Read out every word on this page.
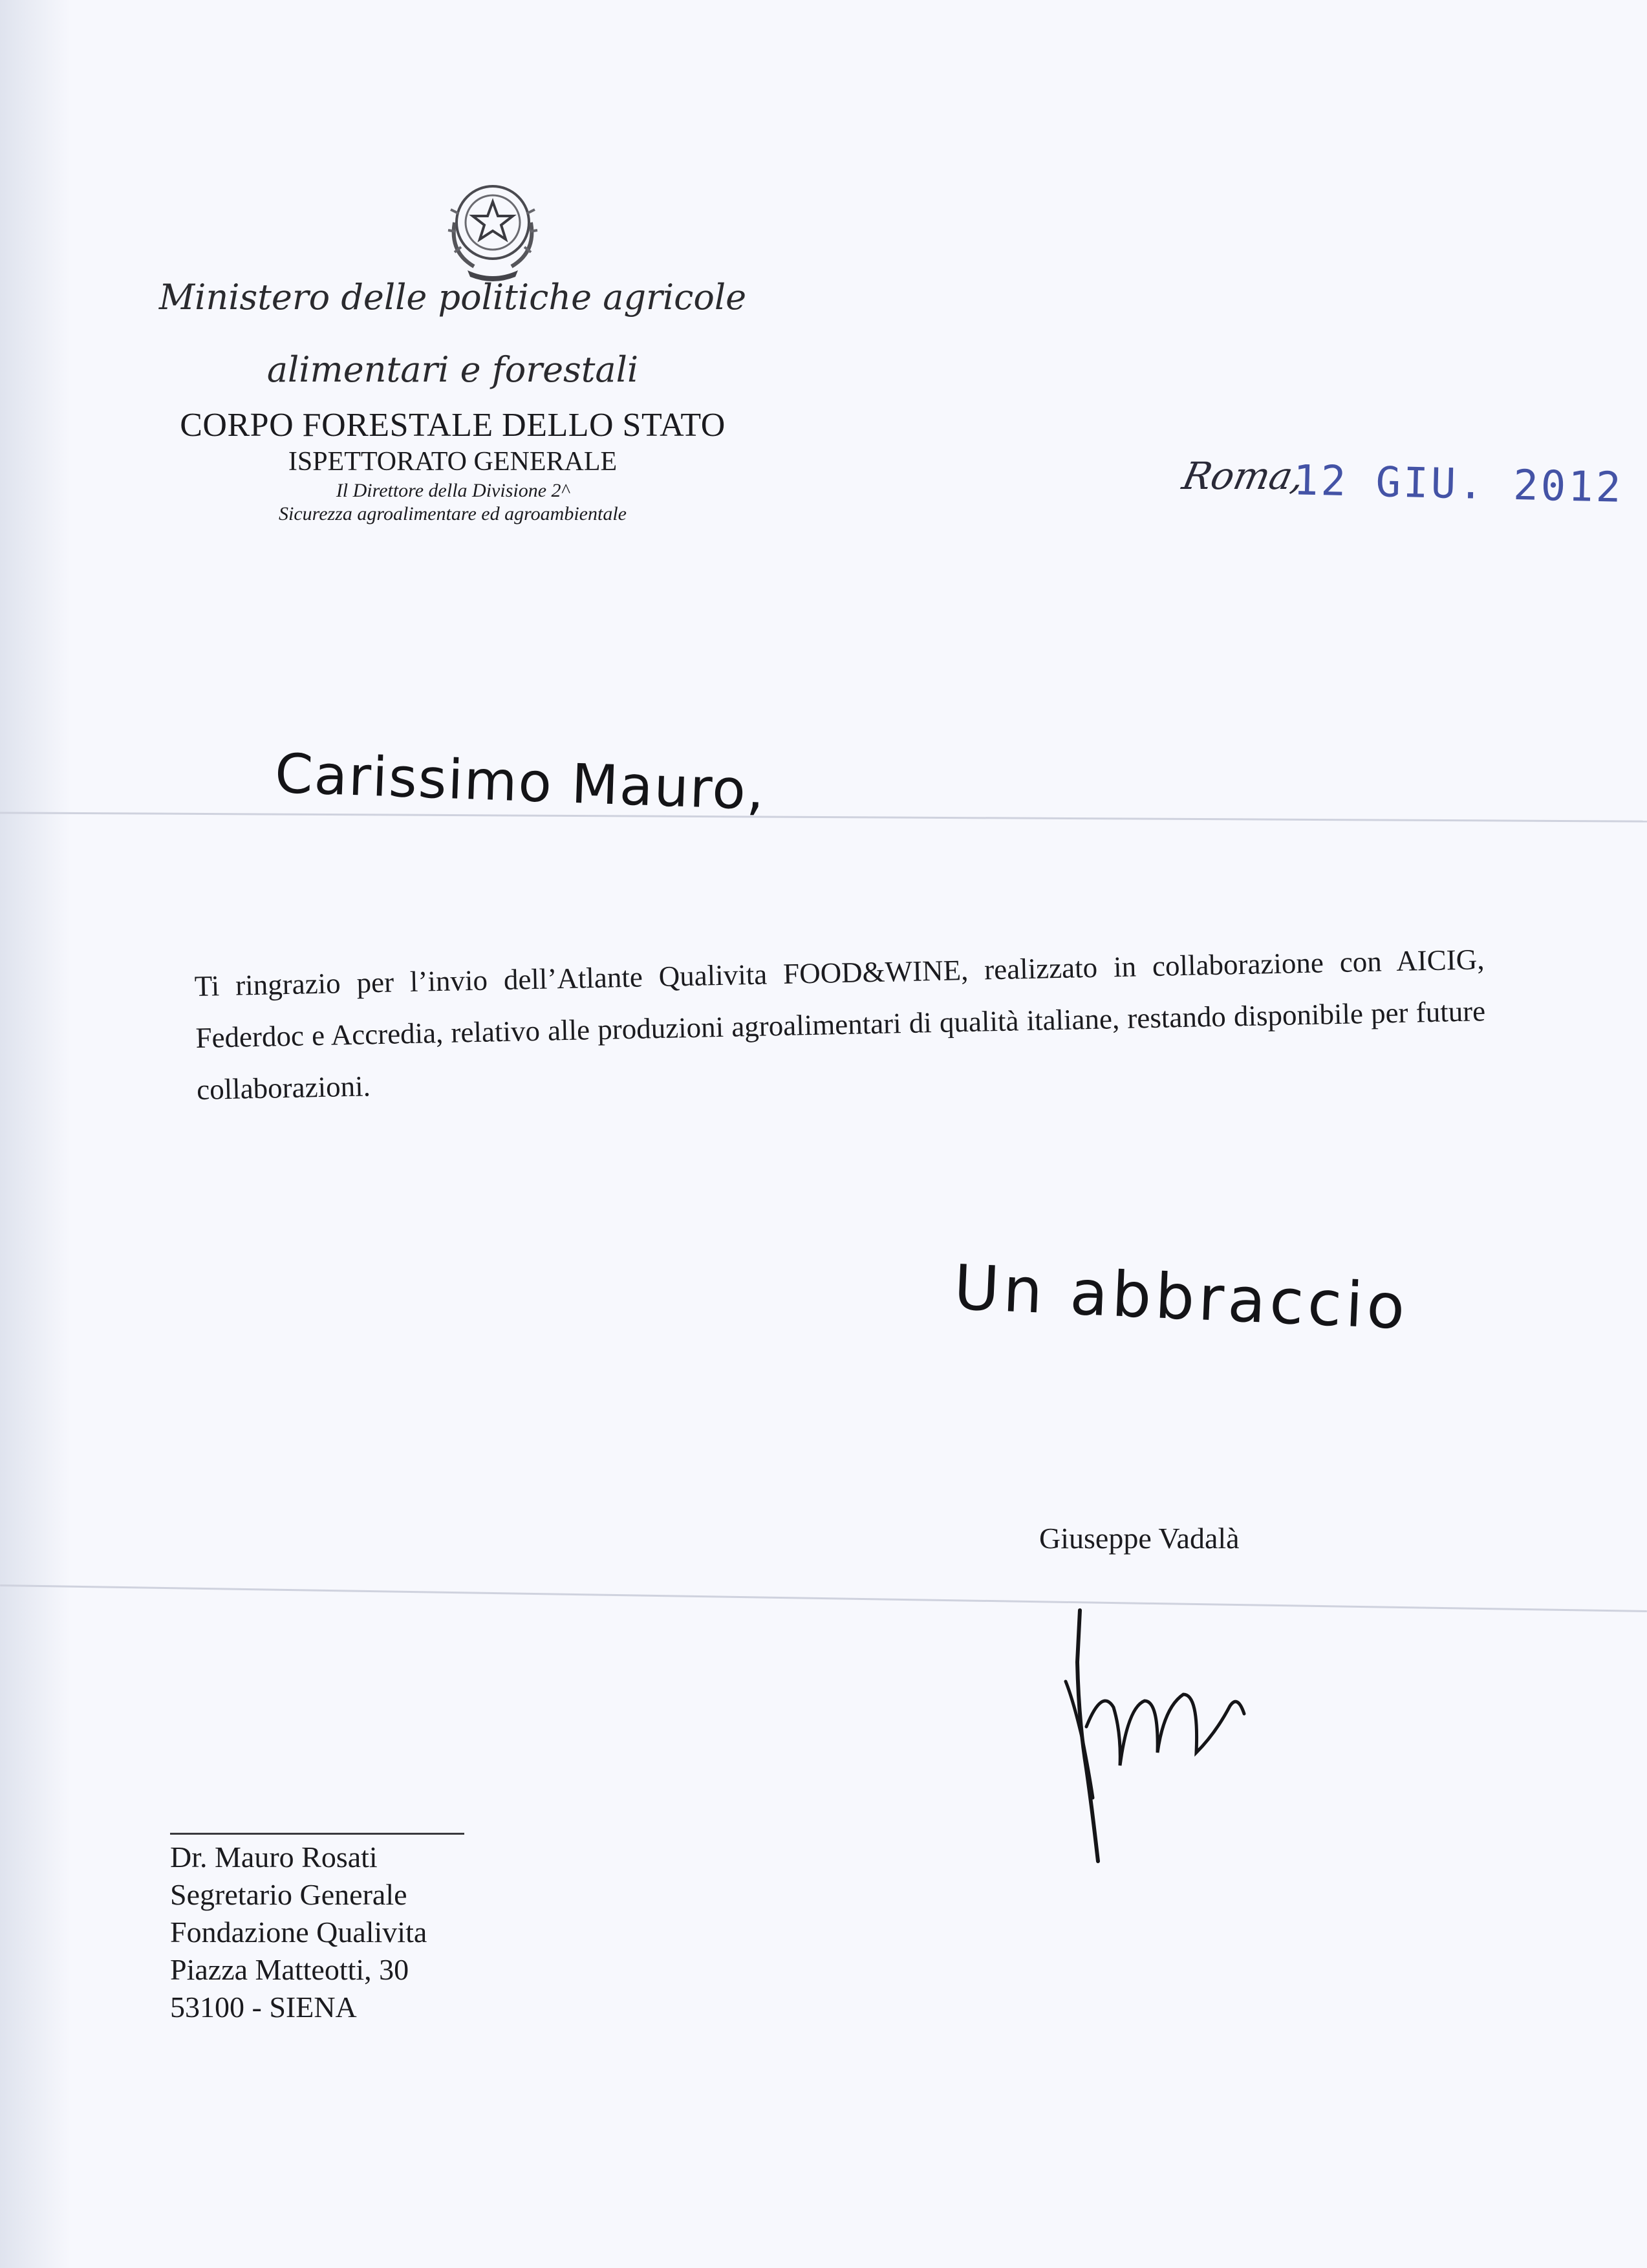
Ministero delle politiche agricole
alimentari e forestali
CORPO FORESTALE DELLO STATO
ISPETTORATO GENERALE
Il Direttore della Divisione 2^
Sicurezza agroalimentare ed agroambientale
Roma,
12 GIU. 2012
Carissimo Mauro,
Ti ringrazio per l’invio dell’Atlante Qualivita FOOD&WINE, realizzato in collaborazione con AICIG, Federdoc e Accredia, relativo alle produzioni agroalimentari di qualità italiane, restando disponibile per future collaborazioni.
Un abbraccio
Giuseppe Vadalà
Dr. Mauro Rosati
Segretario Generale
Fondazione Qualivita
Piazza Matteotti, 30
53100 - SIENA
